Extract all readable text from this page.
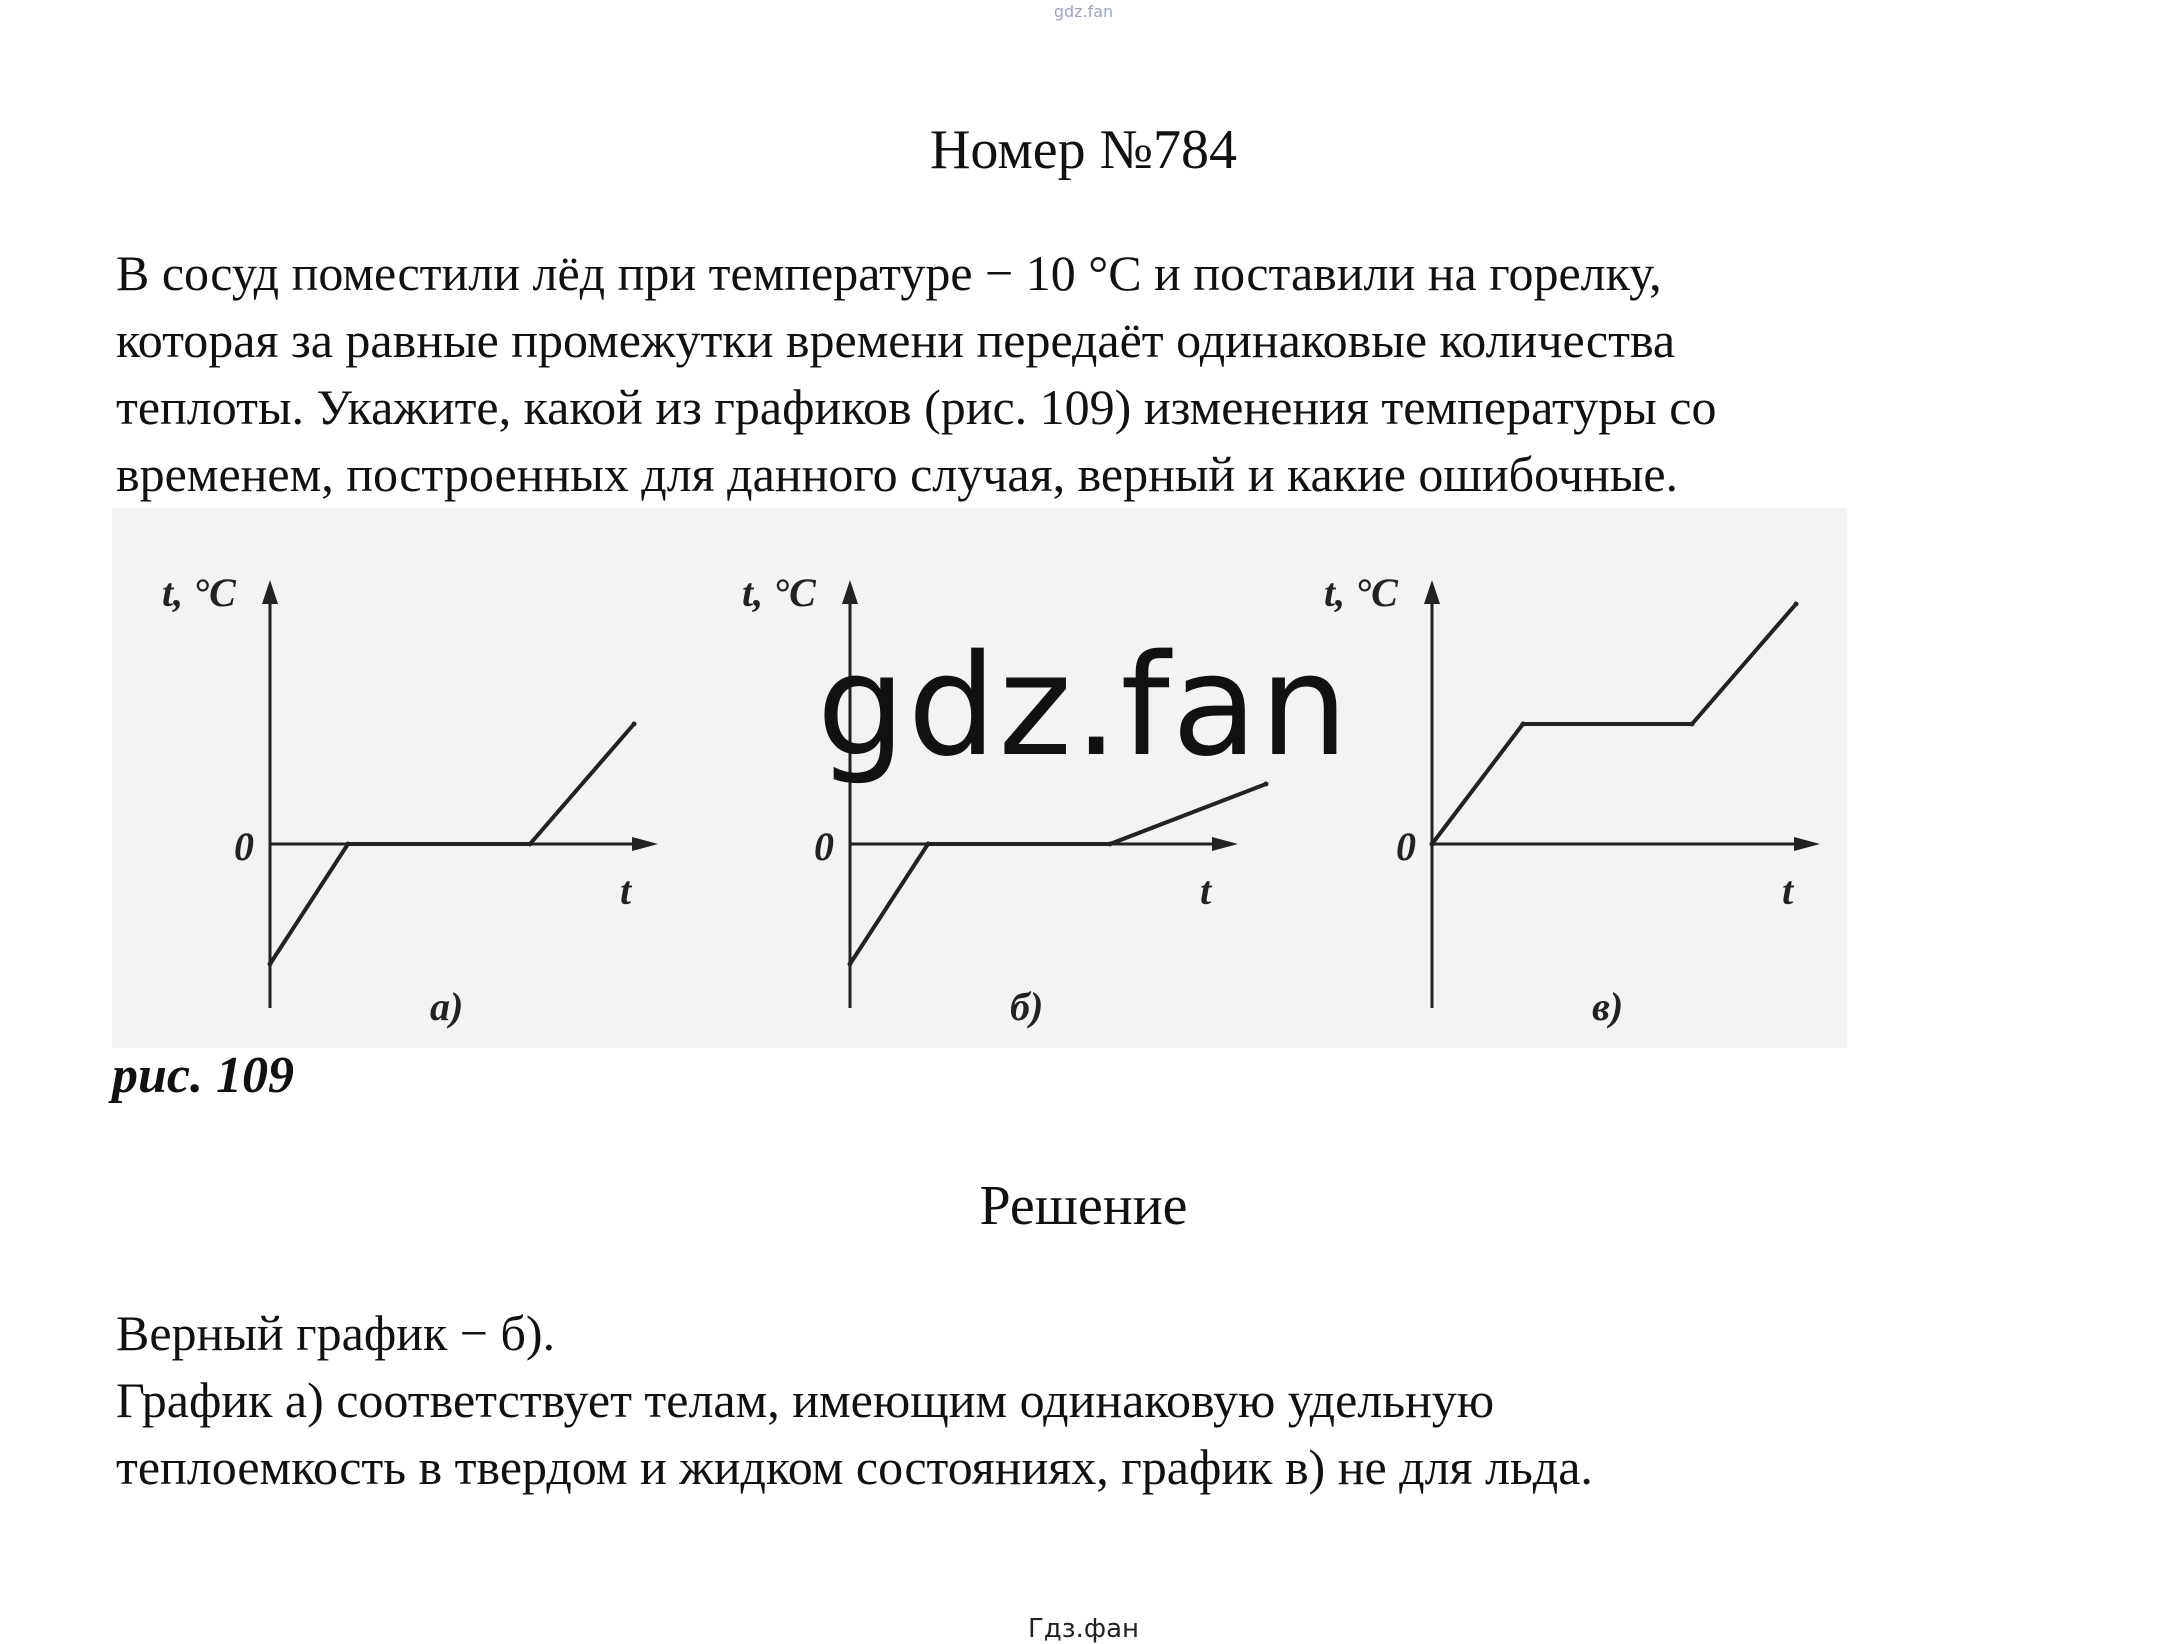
gdz.fan
Номер №784
В сосуд поместили лёд при температуре − 10 °С и поставили на горелку,
которая за равные промежутки времени передаёт одинаковые количества
теплоты. Укажите, какой из графиков (рис. 109) изменения температуры со
временем, построенных для данного случая, верный и какие ошибочные.
t, °C
t
0
а)
t, °C
t
0
б)
t, °C
t
0
в)
gdz.fan
рис. 109
Решение
Верный график − б).
График а) соответствует телам, имеющим одинаковую удельную
теплоемкость в твердом и жидком состояниях, график в) не для льда.
Гдз.фан
